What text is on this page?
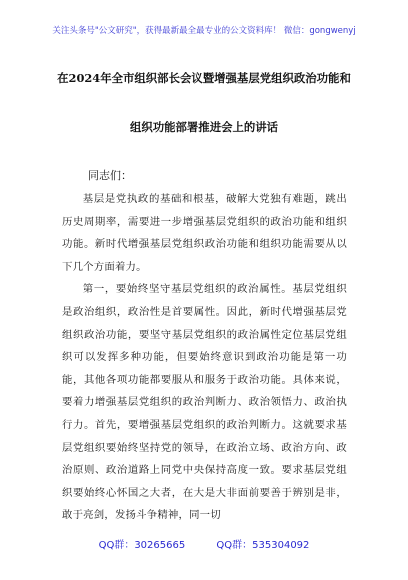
关注头条号"公文研究"，获得最新最全最专业的公文资料库！ 微信：gongwenyj
在2024年全市组织部长会议暨增强基层党组织政治功能和
组织功能部署推进会上的讲话
同志们：

基层是党执政的基础和根基，破解大党独有难题，跳出历史周期率，需要进一步增强基层党组织的政治功能和组织功能。新时代增强基层党组织政治功能和组织功能需要从以下几个方面着力。

第一，要始终坚守基层党组织的政治属性。基层党组织是政治组织，政治性是首要属性。因此，新时代增强基层党组织政治功能，要坚守基层党组织的政治属性定位基层党组织可以发挥多种功能，但要始终意识到政治功能是第一功能，其他各项功能都要服从和服务于政治功能。具体来说，要着力增强基层党组织的政治判断力、政治领悟力、政治执行力。首先，要增强基层党组织的政治判断力。这就要求基层党组织要始终坚持党的领导，在政治立场、政治方向、政治原则、政治道路上同党中央保持高度一致。要求基层党组织要始终心怀国之大者，在大是大非面前要善于辨别是非，敢于亮剑，发扬斗争精神，同一切

QQ群：30265665	QQ群：535304092
